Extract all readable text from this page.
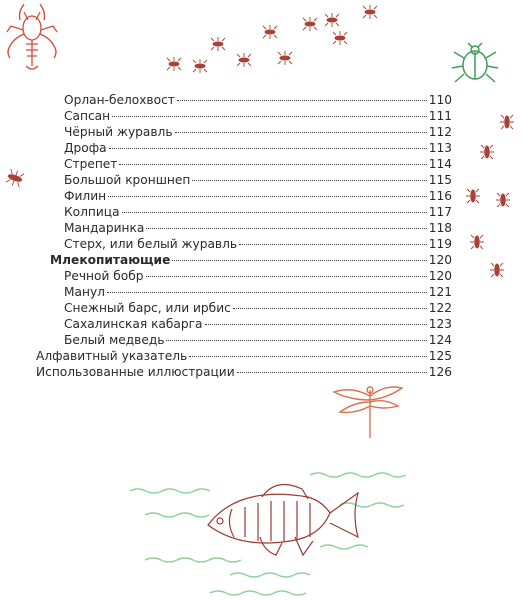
Орлан-белохвост	110
Сапсан	111
Чёрный журавль	112
Дрофа	113
Стрепет	114
Большой кроншнеп	115
Филин	116
Колпица	117
Мандаринка	118
Стерх, или белый журавль	119
Млекопитающие	120
Речной бобр	120
Манул	121
Снежный барс, или ирбис	122
Сахалинская кабарга	123
Белый медведь	124
Алфавитный указатель	125
Использованные иллюстрации	126
